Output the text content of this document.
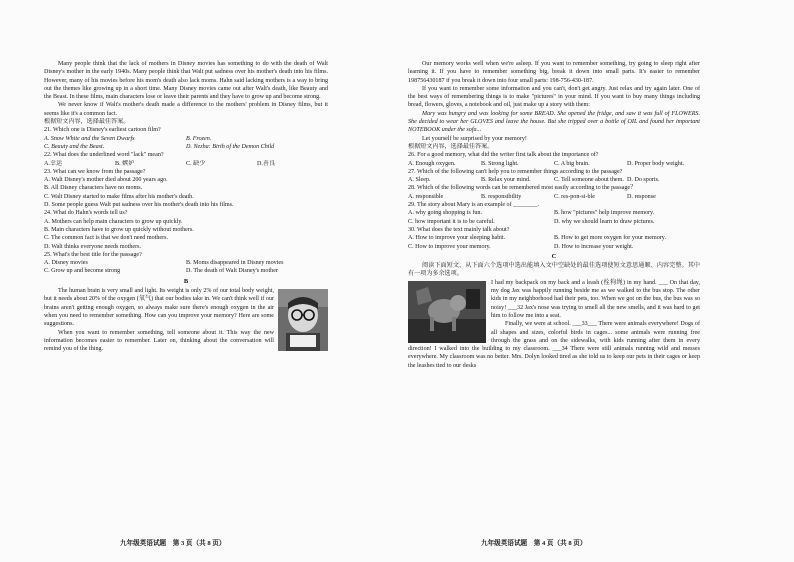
Many people think that the lack of mothers in Disney movies has something to do with the death of Walt Disney's mother in the early 1940s. Many people think that Walt put sadness over his mother's death into his films. However, many of his movies before his mom's death also lack moms. Hahn said lacking mothers is a way to bring out the themes like growing up in a short time. Many Disney movies came out after Walt's death, like Beauty and the Beast. In these films, main characters lose or leave their parents and they have to grow up and become strong.

We never know if Walt's mother's death made a difference to the mothers' problem in Disney films, but it seems like it's a common fact.

根据短文内容，选择最佳答案。
21. Which one is Disney's earliest cartoon film?
A. Snow White and the Seven Dwarfs	B. Frozen.
C. Beauty and the Beast.	D. Nezha: Birth of the Demon Child
22. What does the underlined word "lack" mean?
A.幸运	B. 嫉妒	C. 缺少	D.善良
23. What can we know from the passage?
A. Walt Disney's mother died about 200 years ago.
B. All Disney characters have no moms.
C. Walt Disney started to make films after his mother's death.
D. Some people guess Walt put sadness over his mother's death into his films.
24. What do Hahn's words tell us?
A. Mothers can help main characters to grow up quickly.
B. Main characters have to grow up quickly without mothers.
C. The common fact is that we don't need mothers.
D. Walt thinks everyone needs mothers.
25. What's the best title for the passage?
A. Disney movies	B. Moms disappeared in Disney movies
C. Grow up and become strong	D. The death of Walt Disney's mother
B

The human brain is very small and light. Its weight is only 2% of our total body weight, but it needs about 20% of the oxygen (氧气) that our bodies take in. We can't think well if our brains aren't getting enough oxygen, so always make sure there's enough oxygen in the air when you need to remember something. How can you improve your memory? Here are some suggestions.

When you want to remember something, tell someone about it. This way the new information becomes easier to remember. Later on, thinking about the conversation will remind you of the thing.

Our memory works well when we're asleep. If you want to remember something, try going to sleep right after learning it. If you have to remember something big, break it down into small parts. It's easier to remember 198756430187 if you break it down into four small parts: 198-756-430-187.

If you want to remember some information and you can't, don't get angry. Just relax and try again later. One of the best ways of remembering things is to make "pictures" in your mind. If you want to buy many things including bread, flowers, gloves, a notebook and oil, just make up a story with them:

Mary was hungry and was looking for some BREAD. She opened the fridge, and saw it was full of FLOWERS. She decided to wear her GLOVES and leave the house. But she tripped over a bottle of OIL and found her important NOTEBOOK under the sofa...

Let yourself be surprised by your memory!

根据短文内容，选择最佳答案。
26. For a good memory, what did the writer first talk about the importance of?
A. Enough oxygen.	B. Strong light.	C. A big brain.	D. Proper body weight.
27. Which of the following can't help you to remember things according to the passage?
A. Sleep.	B. Relax your mind.	C. Tell someone about them. D. Do sports.
28. Which of the following words can be remembered most easily according to the passage？
A. responsible	B. responsibility	C. res-pon-si-ble	D. response
29. The story about Mary is an example of ________.
A. why going shopping is fun.	B. how "pictures" help improve memory.
C. how important it is to be careful.	D. why we should learn to draw pictures.
30. What does the text mainly talk about?
A. How to improve your sleeping habit.	B. How to get more oxygen for your memory.
C. How to improve your memory.	D. How to increase your weight.
C

阅读下面短文，从下面六个选项中选出能填入文中空缺处的最佳选项使短文意思通顺、内容完整。其中有一项为多余选项。

I had my backpack on my back and a leash (拴狗绳) in my hand. ___ On that day, my dog Jax was happily running beside me as we walked to the bus stop. The other kids in my neighborhood had their pets, too. When we got on the bus, the bus was so noisy! ___32 Jax's nose was trying to smell all the new smells, and it was hard to get him to follow me into a seat.

Finally, we were at school. ___33___ There were animals everywhere! Dogs of all shapes and sizes, colorful birds in cages... some animals were running free through the grass and on the sidewalks, with kids running after them in every direction! I walked into the building to my classroom. ___34 There were still animals running wild and messes everywhere. My classroom was no better. Mrs. Dolyn looked tired as she told us to keep our pets in their cages or keep the leashes tied to our desks

九年级英语试题　第 3 页（共 8 页）	九年级英语试题　第 4 页（共 8 页）
